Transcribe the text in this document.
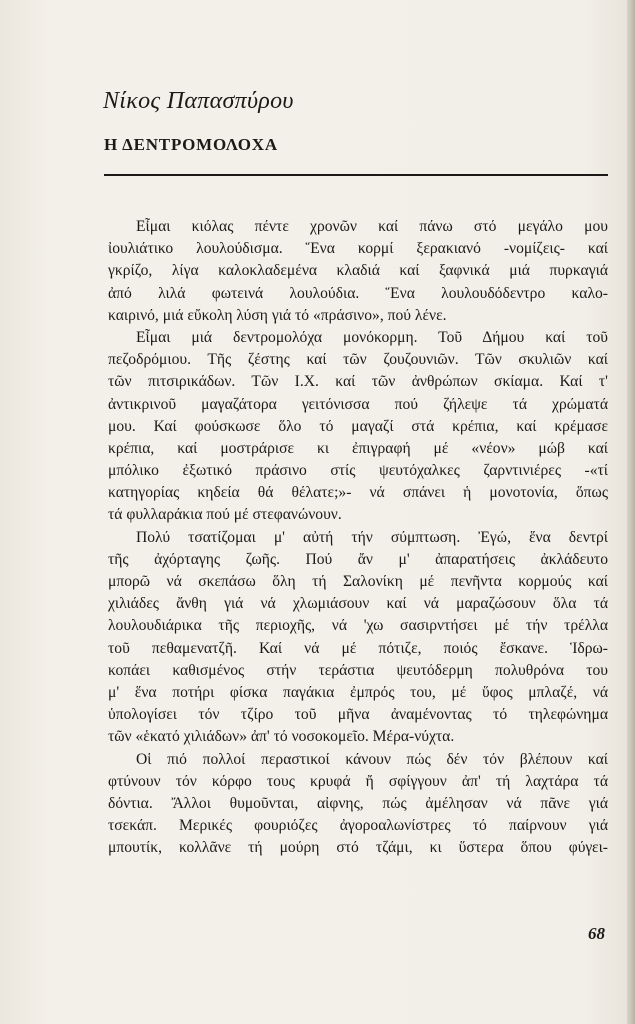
Νίκος Παπασπύρου
Η ΔΕΝΤΡΟΜΟΛΟΧΑ
Εἶμαι κιόλας πέντε χρονῶν καί πάνω στό μεγάλο μου
ἰουλιάτικο λουλούδισμα. Ἕνα κορμί ξερακιανό -νομίζεις- καί
γκρίζο, λίγα καλοκλαδεμένα κλαδιά καί ξαφνικά μιά πυρκαγιά
ἀπό λιλά φωτεινά λουλούδια. Ἕνα λουλουδόδεντρο καλο-
καιρινό, μιά εὔκολη λύση γιά τό «πράσινο», πού λένε.
Εἶμαι μιά δεντρομολόχα μονόκορμη. Τοῦ Δήμου καί τοῦ
πεζοδρόμιου. Τῆς ζέστης καί τῶν ζουζουνιῶν. Τῶν σκυλιῶν καί
τῶν πιτσιρικάδων. Τῶν Ι.Χ. καί τῶν ἀνθρώπων σκίαμα. Καί τ'
ἀντικρινοῦ μαγαζάτορα γειτόνισσα πού ζήλεψε τά χρώματά
μου. Καί φούσκωσε ὅλο τό μαγαζί στά κρέπια, καί κρέμασε
κρέπια, καί μοστράρισε κι ἐπιγραφή μέ «νέον» μώβ καί
μπόλικο ἐξωτικό πράσινο στίς ψευτόχαλκες ζαρντινιέρες -«τί
κατηγορίας κηδεία θά θέλατε;»- νά σπάνει ἡ μονοτονία, ὅπως
τά φυλλαράκια πού μέ στεφανώνουν.
Πολύ τσατίζομαι μ' αὐτή τήν σύμπτωση. Ἐγώ, ἕνα δεντρί
τῆς ἀχόρταγης ζωῆς. Πού ἄν μ' ἀπαρατήσεις ἀκλάδευτο
μπορῶ νά σκεπάσω ὅλη τή Σαλονίκη μέ πενῆντα κορμούς καί
χιλιάδες ἄνθη γιά νά χλωμιάσουν καί νά μαραζώσουν ὅλα τά
λουλουδιάρικα τῆς περιοχῆς, νά 'χω σασιρντήσει μέ τήν τρέλλα
τοῦ πεθαμενατζῆ. Καί νά μέ πότιζε, ποιός ἔσκανε. Ἱδρω-
κοπάει καθισμένος στήν τεράστια ψευτόδερμη πολυθρόνα του
μ' ἕνα ποτήρι φίσκα παγάκια ἐμπρός του, μέ ὕφος μπλαζέ, νά
ὑπολογίσει τόν τζίρο τοῦ μῆνα ἀναμένοντας τό τηλεφώνημα
τῶν «ἑκατό χιλιάδων» ἀπ' τό νοσοκομεῖο. Μέρα-νύχτα.
Οἱ πιό πολλοί περαστικοί κάνουν πώς δέν τόν βλέπουν καί
φτύνουν τόν κόρφο τους κρυφά ἤ σφίγγουν ἀπ' τή λαχτάρα τά
δόντια. Ἄλλοι θυμοῦνται, αἰφνης, πώς ἀμέλησαν νά πᾶνε γιά
τσεκάπ. Μερικές φουριόζες ἀγοροαλωνίστρες τό παίρνουν γιά
μπουτίκ, κολλᾶνε τή μούρη στό τζάμι, κι ὕστερα ὅπου φύγει-
68
